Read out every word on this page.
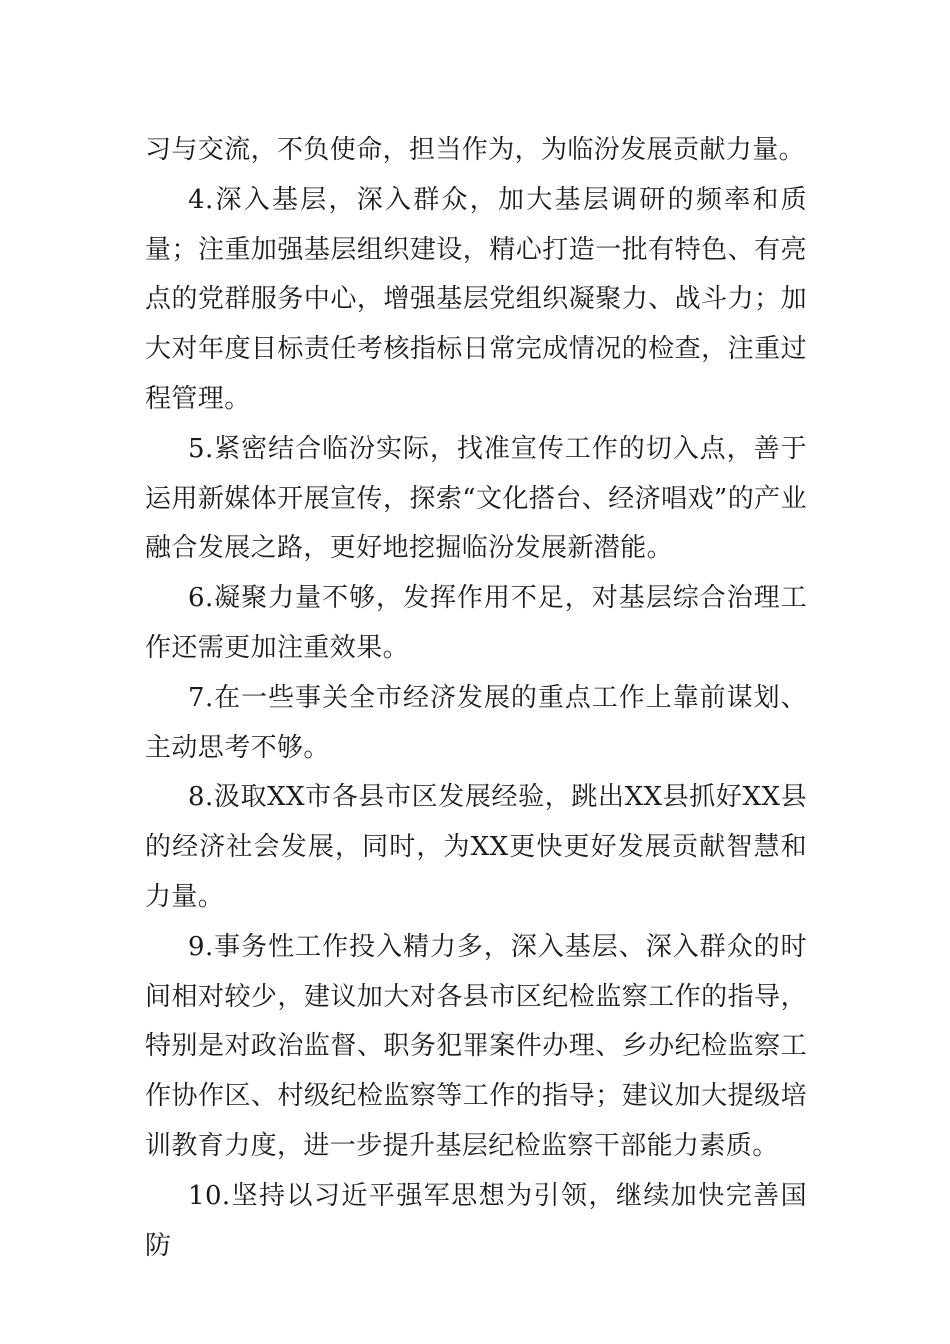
习与交流，不负使命，担当作为，为临汾发展贡献力量。

4.深入基层，深入群众，加大基层调研的频率和质量；注重加强基层组织建设，精心打造一批有特色、有亮点的党群服务中心，增强基层党组织凝聚力、战斗力；加大对年度目标责任考核指标日常完成情况的检查，注重过程管理。

5.紧密结合临汾实际，找准宣传工作的切入点，善于运用新媒体开展宣传，探索“文化搭台、经济唱戏”的产业融合发展之路，更好地挖掘临汾发展新潜能。

6.凝聚力量不够，发挥作用不足，对基层综合治理工作还需更加注重效果。

7.在一些事关全市经济发展的重点工作上靠前谋划、主动思考不够。

8.汲取XX市各县市区发展经验，跳出XX县抓好XX县的经济社会发展，同时，为XX更快更好发展贡献智慧和力量。

9.事务性工作投入精力多，深入基层、深入群众的时间相对较少，建议加大对各县市区纪检监察工作的指导，特别是对政治监督、职务犯罪案件办理、乡办纪检监察工作协作区、村级纪检监察等工作的指导；建议加大提级培训教育力度，进一步提升基层纪检监察干部能力素质。

10.坚持以习近平强军思想为引领，继续加快完善国防
